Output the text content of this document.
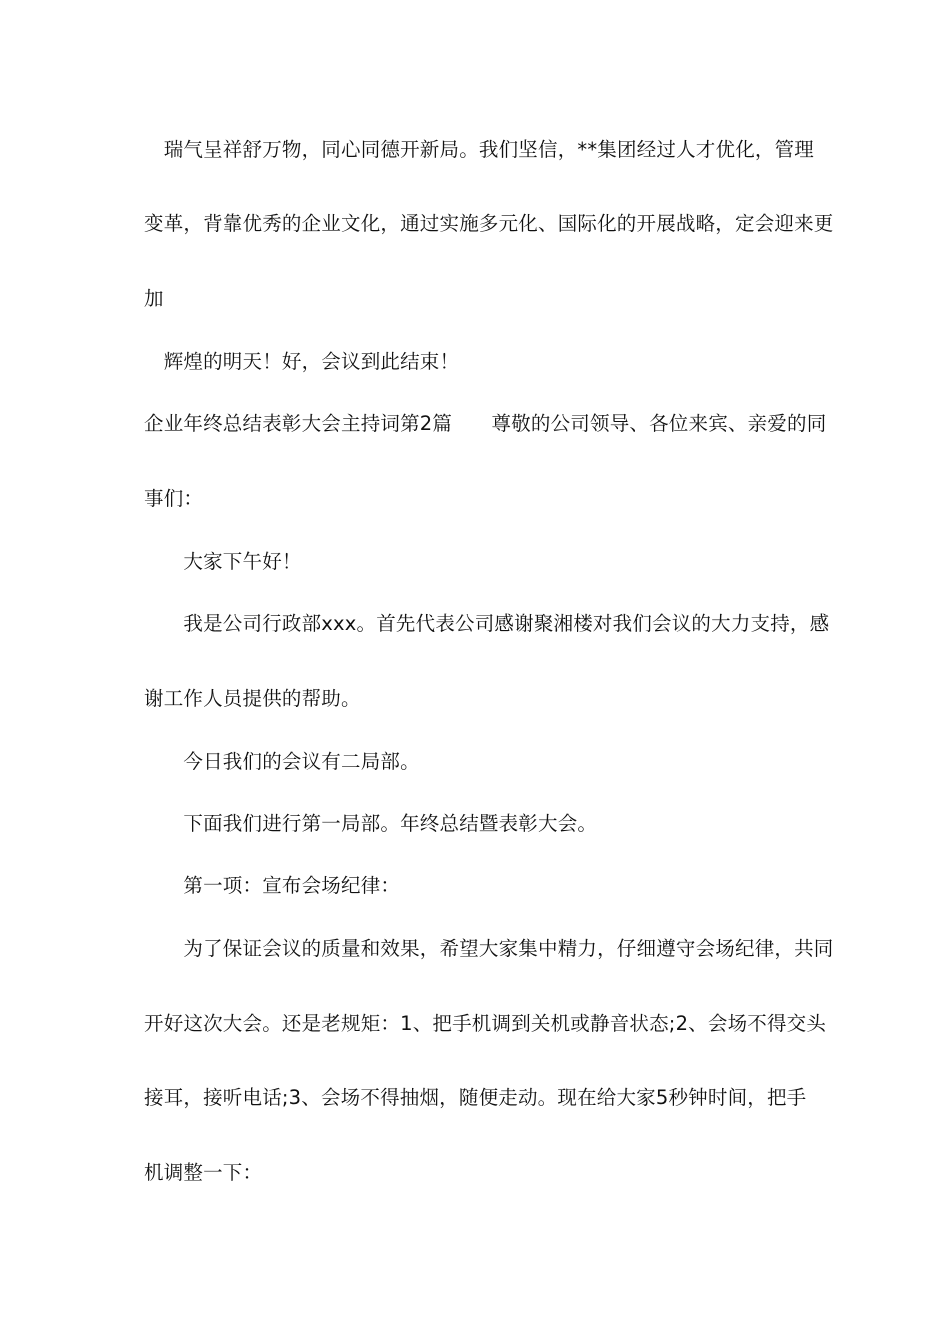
　瑞气呈祥舒万物，同心同德开新局。我们坚信，**集团经过人才优化，管理
变革，背靠优秀的企业文化，通过实施多元化、国际化的开展战略，定会迎来更
加
　辉煌的明天！好，会议到此结束！
企业年终总结表彰大会主持词第2篇　　尊敬的公司领导、各位来宾、亲爱的同
事们：
　　大家下午好！
　　我是公司行政部xxx。首先代表公司感谢聚湘楼对我们会议的大力支持，感
谢工作人员提供的帮助。
　　今日我们的会议有二局部。
　　下面我们进行第一局部。年终总结暨表彰大会。
　　第一项：宣布会场纪律：
　　为了保证会议的质量和效果，希望大家集中精力，仔细遵守会场纪律，共同
开好这次大会。还是老规矩：1、把手机调到关机或静音状态;2、会场不得交头
接耳，接听电话;3、会场不得抽烟，随便走动。现在给大家5秒钟时间，把手
机调整一下：
